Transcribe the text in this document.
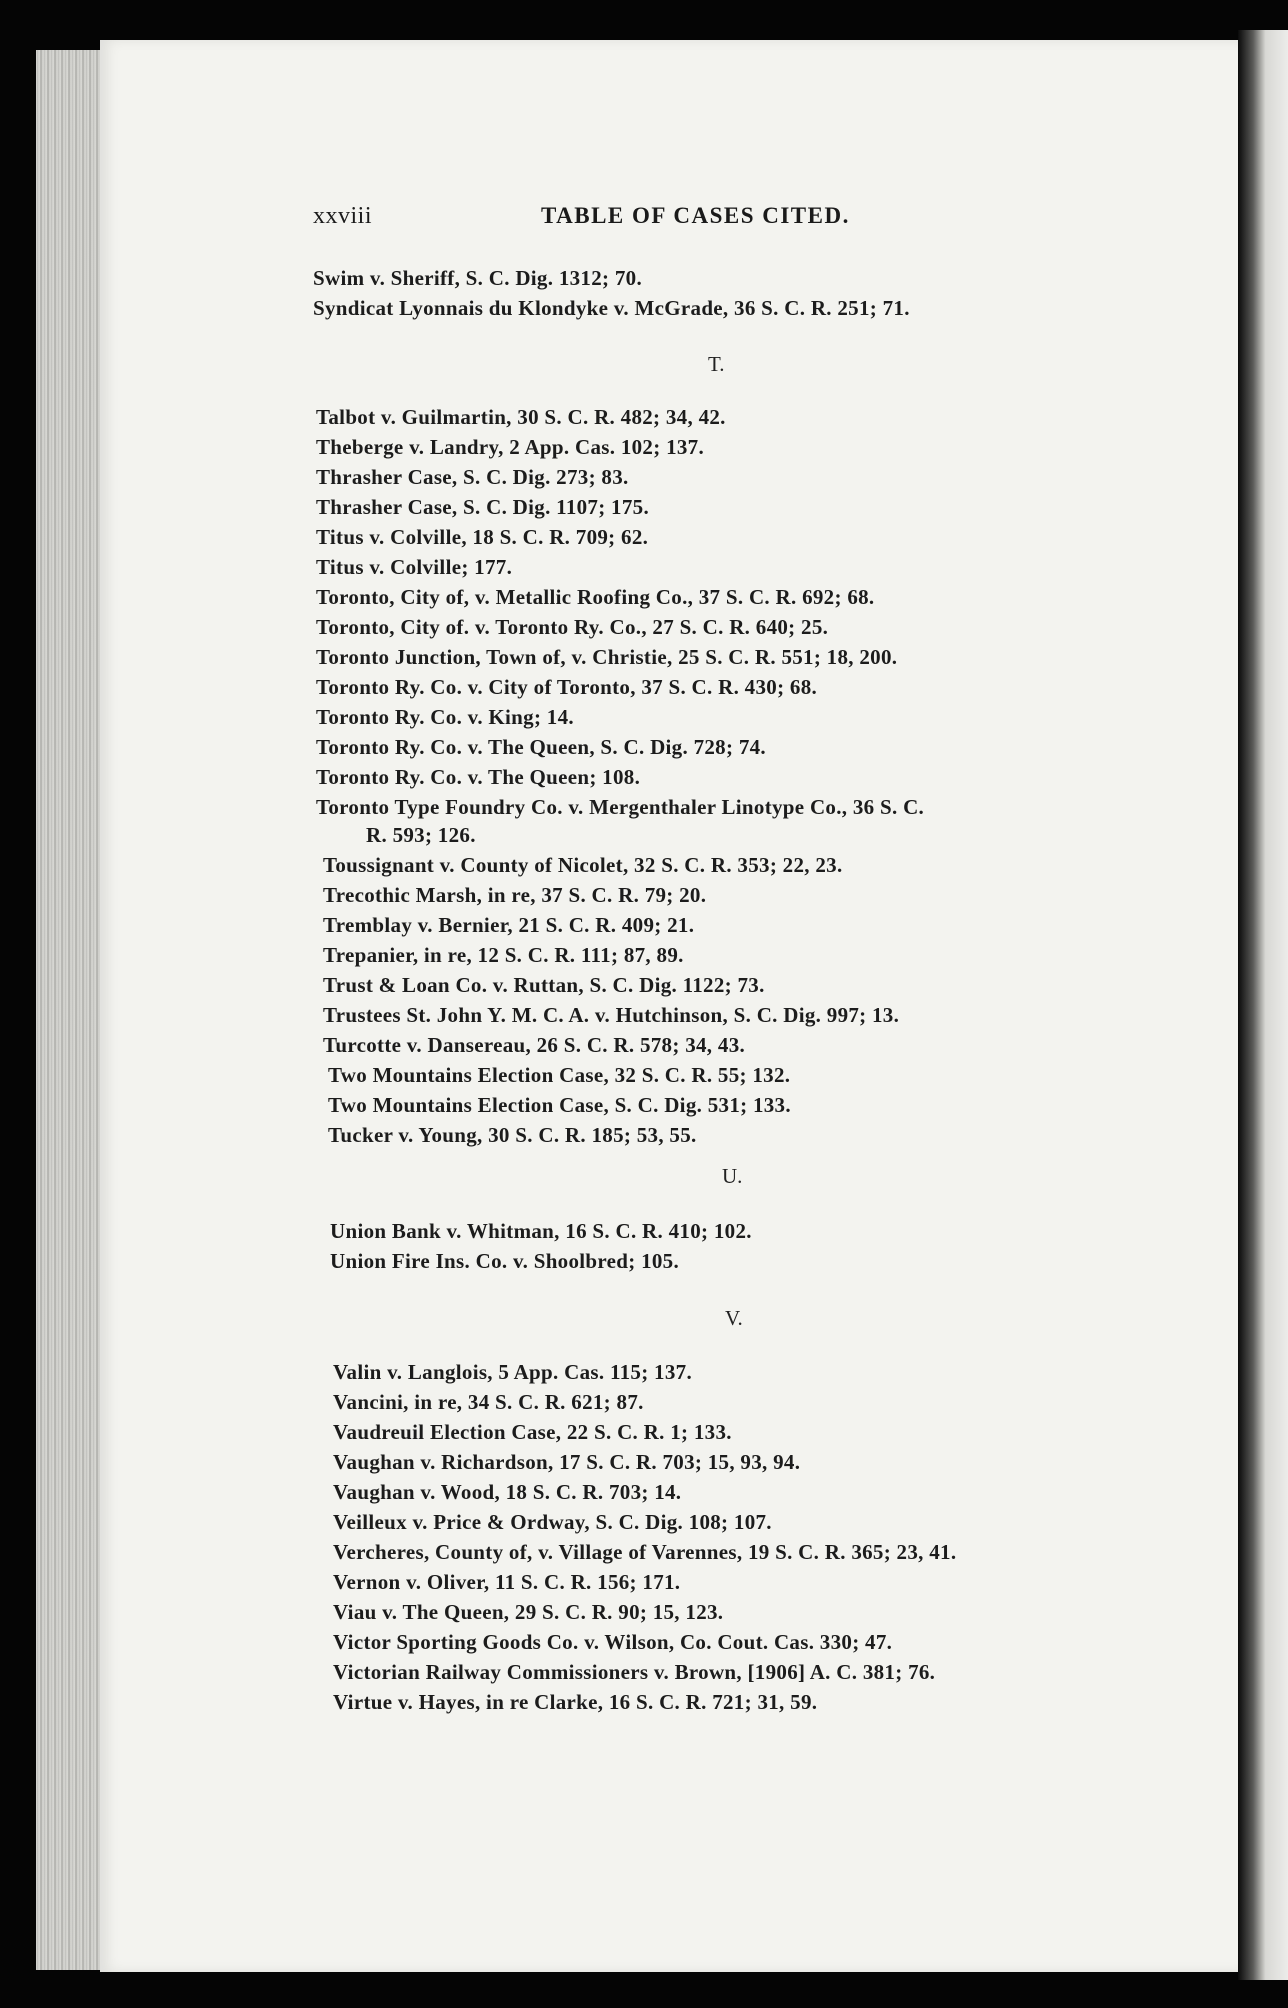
xxviii	TABLE OF CASES CITED.
Swim v. Sheriff, S. C. Dig. 1312; 70.
Syndicat Lyonnais du Klondyke v. McGrade, 36 S. C. R. 251; 71.
T.
Talbot v. Guilmartin, 30 S. C. R. 482; 34, 42.
Theberge v. Landry, 2 App. Cas. 102; 137.
Thrasher Case, S. C. Dig. 273; 83.
Thrasher Case, S. C. Dig. 1107; 175.
Titus v. Colville, 18 S. C. R. 709; 62.
Titus v. Colville; 177.
Toronto, City of, v. Metallic Roofing Co., 37 S. C. R. 692; 68.
Toronto, City of. v. Toronto Ry. Co., 27 S. C. R. 640; 25.
Toronto Junction, Town of, v. Christie, 25 S. C. R. 551; 18, 200.
Toronto Ry. Co. v. City of Toronto, 37 S. C. R. 430; 68.
Toronto Ry. Co. v. King; 14.
Toronto Ry. Co. v. The Queen, S. C. Dig. 728; 74.
Toronto Ry. Co. v. The Queen; 108.
Toronto Type Foundry Co. v. Mergenthaler Linotype Co., 36 S. C.
R. 593; 126.
Toussignant v. County of Nicolet, 32 S. C. R. 353; 22, 23.
Trecothic Marsh, in re, 37 S. C. R. 79; 20.
Tremblay v. Bernier, 21 S. C. R. 409; 21.
Trepanier, in re, 12 S. C. R. 111; 87, 89.
Trust & Loan Co. v. Ruttan, S. C. Dig. 1122; 73.
Trustees St. John Y. M. C. A. v. Hutchinson, S. C. Dig. 997; 13.
Turcotte v. Dansereau, 26 S. C. R. 578; 34, 43.
Two Mountains Election Case, 32 S. C. R. 55; 132.
Two Mountains Election Case, S. C. Dig. 531; 133.
Tucker v. Young, 30 S. C. R. 185; 53, 55.
U.
Union Bank v. Whitman, 16 S. C. R. 410; 102.
Union Fire Ins. Co. v. Shoolbred; 105.
V.
Valin v. Langlois, 5 App. Cas. 115; 137.
Vancini, in re, 34 S. C. R. 621; 87.
Vaudreuil Election Case, 22 S. C. R. 1; 133.
Vaughan v. Richardson, 17 S. C. R. 703; 15, 93, 94.
Vaughan v. Wood, 18 S. C. R. 703; 14.
Veilleux v. Price & Ordway, S. C. Dig. 108; 107.
Vercheres, County of, v. Village of Varennes, 19 S. C. R. 365; 23, 41.
Vernon v. Oliver, 11 S. C. R. 156; 171.
Viau v. The Queen, 29 S. C. R. 90; 15, 123.
Victor Sporting Goods Co. v. Wilson, Co. Cout. Cas. 330; 47.
Victorian Railway Commissioners v. Brown, [1906] A. C. 381; 76.
Virtue v. Hayes, in re Clarke, 16 S. C. R. 721; 31, 59.
